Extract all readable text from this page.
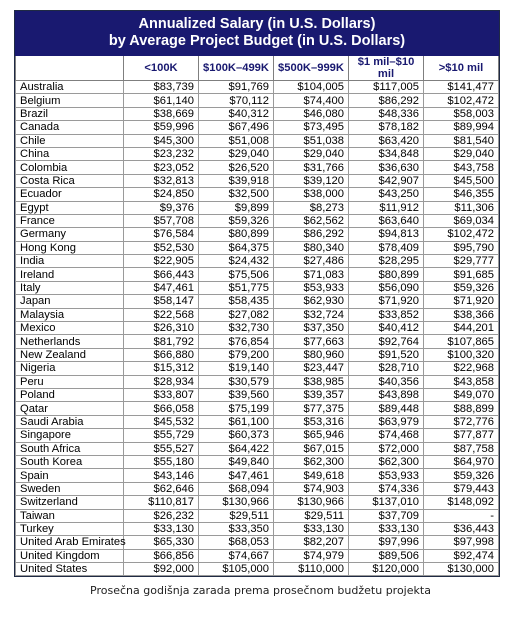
Annualized Salary (in U.S. Dollars)
by Average Project Budget (in U.S. Dollars)
	<100K	$100K–499K	$500K–999K	$1 mil–$10 mil	>$10 mil
Australia	$83,739	$91,769	$104,005	$117,005	$141,477
Belgium	$61,140	$70,112	$74,400	$86,292	$102,472
Brazil	$38,669	$40,312	$46,080	$48,336	$58,003
Canada	$59,996	$67,496	$73,495	$78,182	$89,994
Chile	$45,300	$51,008	$51,038	$63,420	$81,540
China	$23,232	$29,040	$29,040	$34,848	$29,040
Colombia	$23,052	$26,520	$31,766	$36,630	$43,758
Costa Rica	$32,813	$39,918	$39,120	$42,907	$45,500
Ecuador	$24,850	$32,500	$38,000	$43,250	$46,355
Egypt	$9,376	$9,899	$8,273	$11,912	$11,306
France	$57,708	$59,326	$62,562	$63,640	$69,034
Germany	$76,584	$80,899	$86,292	$94,813	$102,472
Hong Kong	$52,530	$64,375	$80,340	$78,409	$95,790
India	$22,905	$24,432	$27,486	$28,295	$29,777
Ireland	$66,443	$75,506	$71,083	$80,899	$91,685
Italy	$47,461	$51,775	$53,933	$56,090	$59,326
Japan	$58,147	$58,435	$62,930	$71,920	$71,920
Malaysia	$22,568	$27,082	$32,724	$33,852	$38,366
Mexico	$26,310	$32,730	$37,350	$40,412	$44,201
Netherlands	$81,792	$76,854	$77,663	$92,764	$107,865
New Zealand	$66,880	$79,200	$80,960	$91,520	$100,320
Nigeria	$15,312	$19,140	$23,447	$28,710	$22,968
Peru	$28,934	$30,579	$38,985	$40,356	$43,858
Poland	$33,807	$39,560	$39,357	$43,898	$49,070
Qatar	$66,058	$75,199	$77,375	$89,448	$88,899
Saudi Arabia	$45,532	$61,100	$53,316	$63,979	$72,776
Singapore	$55,729	$60,373	$65,946	$74,468	$77,877
South Africa	$55,527	$64,422	$67,015	$72,000	$87,758
South Korea	$55,180	$49,840	$62,300	$62,300	$64,970
Spain	$43,146	$47,461	$49,618	$53,933	$59,326
Sweden	$62,646	$68,094	$74,903	$74,336	$79,443
Switzerland	$110,817	$130,966	$130,966	$137,010	$148,092
Taiwan	$26,232	$29,511	$29,511	$37,709	-
Turkey	$33,130	$33,350	$33,130	$33,130	$36,443
United Arab Emirates	$65,330	$68,053	$82,207	$97,996	$97,998
United Kingdom	$66,856	$74,667	$74,979	$89,506	$92,474
United States	$92,000	$105,000	$110,000	$120,000	$130,000
Prosečna godišnja zarada prema prosečnom budžetu projekta
